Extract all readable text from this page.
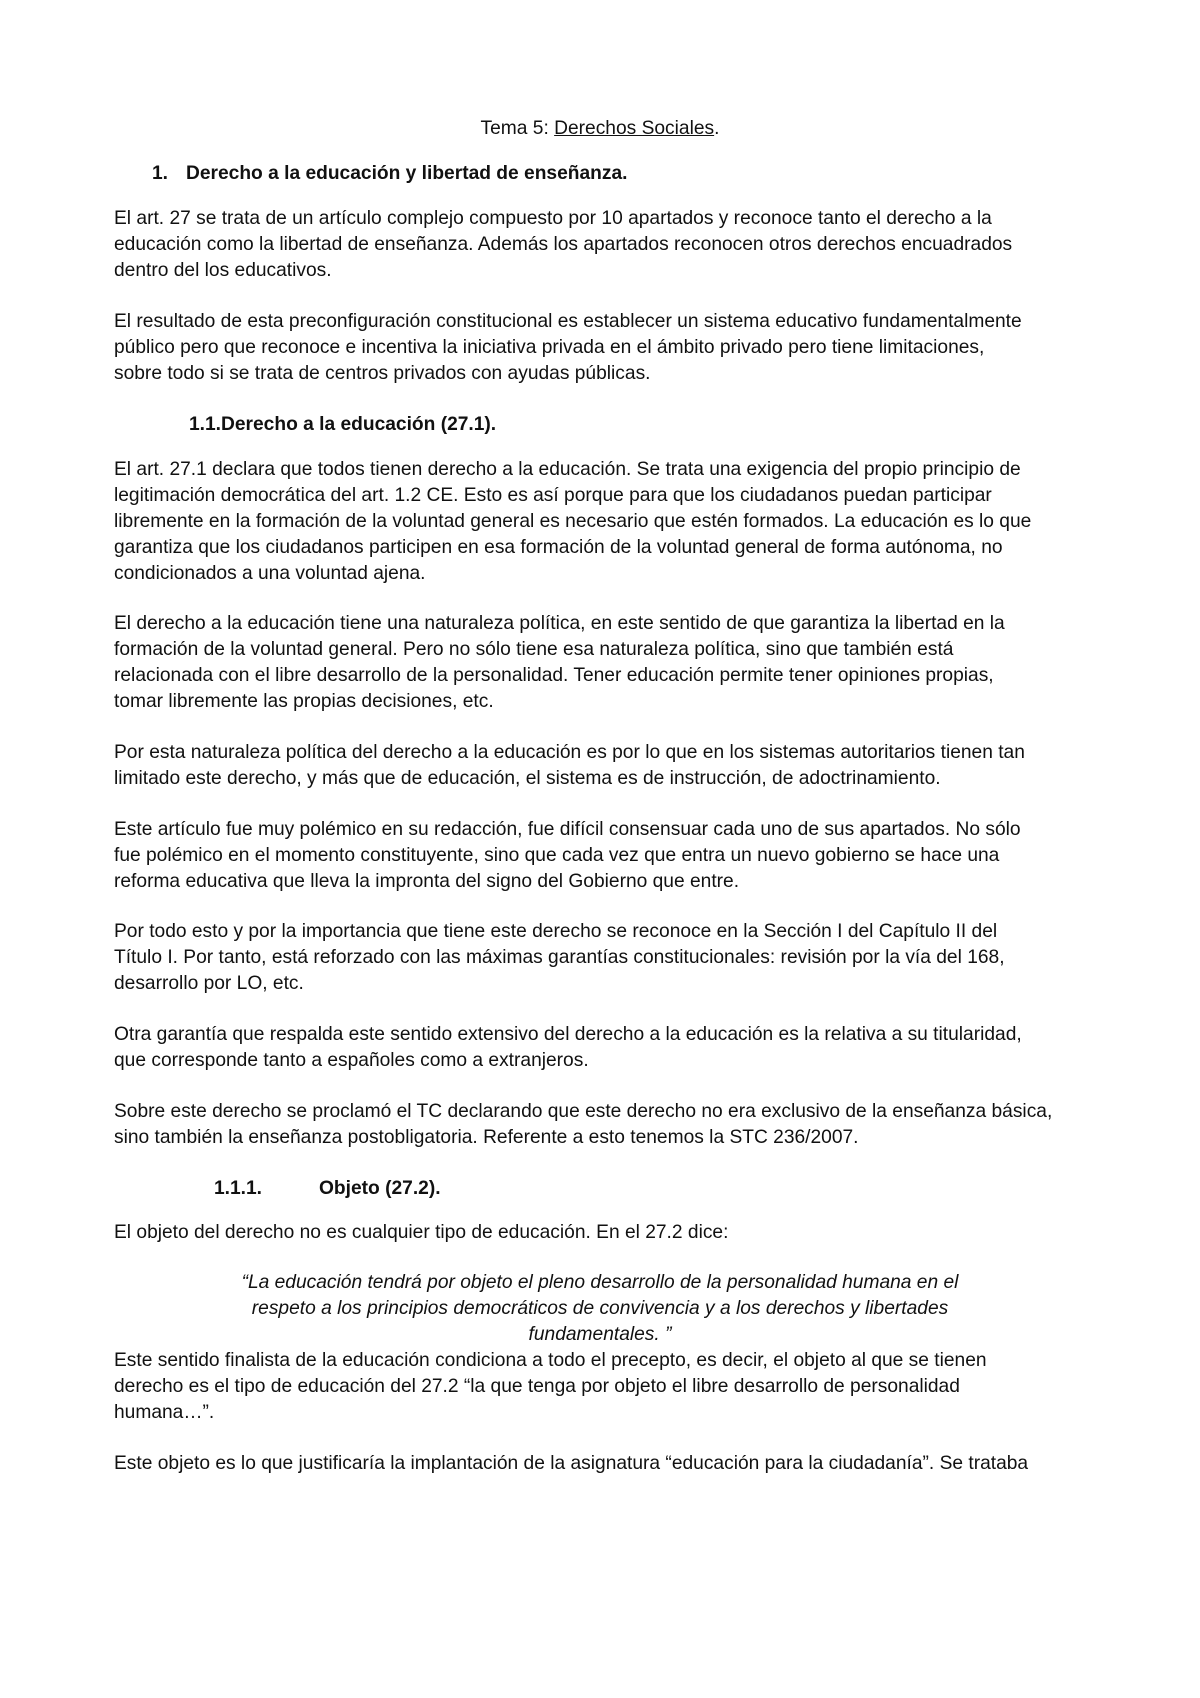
Tema 5: Derechos Sociales.
1. Derecho a la educación y libertad de enseñanza.
El art. 27 se trata de un artículo complejo compuesto por 10 apartados y reconoce tanto el derecho a la
educación como la libertad de enseñanza. Además los apartados reconocen otros derechos encuadrados
dentro del los educativos.
El resultado de esta preconfiguración constitucional es establecer un sistema educativo fundamentalmente
público pero que reconoce e incentiva la iniciativa privada en el ámbito privado pero tiene limitaciones,
sobre todo si se trata de centros privados con ayudas públicas.
1.1.Derecho a la educación (27.1).
El art. 27.1 declara que todos tienen derecho a la educación. Se trata una exigencia del propio principio de
legitimación democrática del art. 1.2 CE. Esto es así porque para que los ciudadanos puedan participar
libremente en la formación de la voluntad general es necesario que estén formados. La educación es lo que
garantiza que los ciudadanos participen en esa formación de la voluntad general de forma autónoma, no
condicionados a una voluntad ajena.
El derecho a la educación tiene una naturaleza política, en este sentido de que garantiza la libertad en la
formación de la voluntad general. Pero no sólo tiene esa naturaleza política, sino que también está
relacionada con el libre desarrollo de la personalidad. Tener educación permite tener opiniones propias,
tomar libremente las propias decisiones, etc.
Por esta naturaleza política del derecho a la educación es por lo que en los sistemas autoritarios tienen tan
limitado este derecho, y más que de educación, el sistema es de instrucción, de adoctrinamiento.
Este artículo fue muy polémico en su redacción, fue difícil consensuar cada uno de sus apartados. No sólo
fue polémico en el momento constituyente, sino que cada vez que entra un nuevo gobierno se hace una
reforma educativa que lleva la impronta del signo del Gobierno que entre.
Por todo esto y por la importancia que tiene este derecho se reconoce en la Sección I del Capítulo II del
Título I. Por tanto, está reforzado con las máximas garantías constitucionales: revisión por la vía del 168,
desarrollo por LO, etc.
Otra garantía que respalda este sentido extensivo del derecho a la educación es la relativa a su titularidad,
que corresponde tanto a españoles como a extranjeros.
Sobre este derecho se proclamó el TC declarando que este derecho no era exclusivo de la enseñanza básica,
sino también la enseñanza postobligatoria. Referente a esto tenemos la STC 236/2007.
1.1.1.	Objeto (27.2).
El objeto del derecho no es cualquier tipo de educación. En el 27.2 dice:
“La educación tendrá por objeto el pleno desarrollo de la personalidad humana en el
respeto a los principios democráticos de convivencia y a los derechos y libertades
fundamentales. ”
Este sentido finalista de la educación condiciona a todo el precepto, es decir, el objeto al que se tienen
derecho es el tipo de educación del 27.2 “la que tenga por objeto el libre desarrollo de personalidad
humana…”.
Este objeto es lo que justificaría la implantación de la asignatura “educación para la ciudadanía”. Se trataba
